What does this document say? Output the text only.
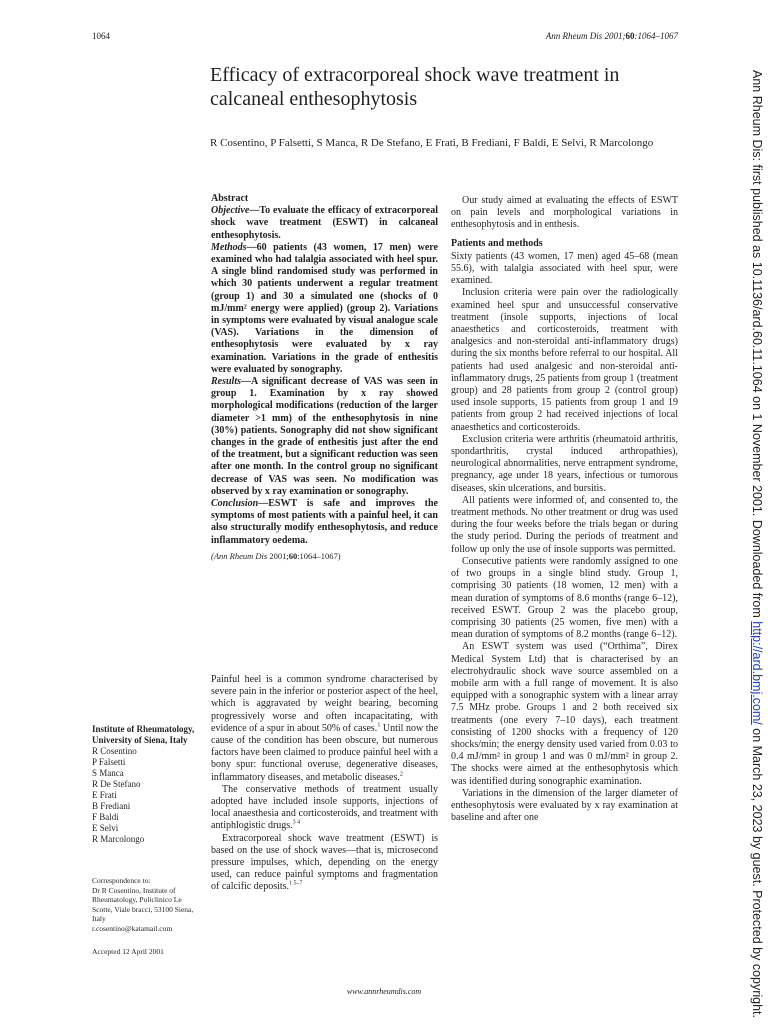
1064	Ann Rheum Dis 2001;60:1064–1067
Efficacy of extracorporeal shock wave treatment in calcaneal enthesophytosis
R Cosentino, P Falsetti, S Manca, R De Stefano, E Frati, B Frediani, F Baldi, E Selvi, R Marcolongo

Abstract

Objective—To evaluate the efficacy of extracorporeal shock wave treatment (ESWT) in calcaneal enthesophytosis.

Methods—60 patients (43 women, 17 men) were examined who had talalgia associated with heel spur. A single blind randomised study was performed in which 30 patients underwent a regular treatment (group 1) and 30 a simulated one (shocks of 0 mJ/mm² energy were applied) (group 2). Variations in symptoms were evaluated by visual analogue scale (VAS). Variations in the dimension of enthesophytosis were evaluated by x ray examination. Variations in the grade of enthesitis were evaluated by sonography.

Results—A significant decrease of VAS was seen in group 1. Examination by x ray showed morphological modifications (reduction of the larger diameter >1 mm) of the enthesophytosis in nine (30%) patients. Sonography did not show significant changes in the grade of enthesitis just after the end of the treatment, but a significant reduction was seen after one month. In the control group no significant decrease of VAS was seen. No modification was observed by x ray examination or sonography.

Conclusion—ESWT is safe and improves the symptoms of most patients with a painful heel, it can also structurally modify enthesophytosis, and reduce inflammatory oedema.

(Ann Rheum Dis 2001;60:1064–1067)

Painful heel is a common syndrome characterised by severe pain in the inferior or posterior aspect of the heel, which is aggravated by weight bearing, becoming progressively worse and often incapacitating, with evidence of a spur in about 50% of cases.$^1$ Until now the cause of the condition has been obscure, but numerous factors have been claimed to produce painful heel with a bony spur: functional overuse, degenerative diseases, inflammatory diseases, and metabolic diseases.$^2$

The conservative methods of treatment usually adopted have included insole supports, injections of local anaesthesia and corticosteroids, and treatment with antiphlogistic drugs.$^{3 4}$

Extracorporeal shock wave treatment (ESWT) is based on the use of shock waves—that is, microsecond pressure impulses, which, depending on the energy used, can reduce painful symptoms and fragmentation of calcific deposits.$^{1 5-7}$

Our study aimed at evaluating the effects of ESWT on pain levels and morphological variations in enthesophytosis and in enthesis.

Patients and methods

Sixty patients (43 women, 17 men) aged 45–68 (mean 55.6), with talalgia associated with heel spur, were examined.

Inclusion criteria were pain over the radiologically examined heel spur and unsuccessful conservative treatment (insole supports, injections of local anaesthetics and corticosteroids, treatment with analgesics and non-steroidal anti-inflammatory drugs) during the six months before referral to our hospital. All patients had used analgesic and non-steroidal anti-inflammatory drugs, 25 patients from group 1 (treatment group) and 28 patients from group 2 (control group) used insole supports, 15 patients from group 1 and 19 patients from group 2 had received injections of local anaesthetics and corticosteroids.

Exclusion criteria were arthritis (rheumatoid arthritis, spondarthritis, crystal induced arthropathies), neurological abnormalities, nerve entrapment syndrome, pregnancy, age under 18 years, infectious or tumorous diseases, skin ulcerations, and bursitis.

All patients were informed of, and consented to, the treatment methods. No other treatment or drug was used during the four weeks before the trials began or during the study period. During the periods of treatment and follow up only the use of insole supports was permitted.

Consecutive patients were randomly assigned to one of two groups in a single blind study. Group 1, comprising 30 patients (18 women, 12 men) with a mean duration of symptoms of 8.6 months (range 6–12), received ESWT. Group 2 was the placebo group, comprising 30 patients (25 women, five men) with a mean duration of symptoms of 8.2 months (range 6–12).

An ESWT system was used (“Orthima”, Direx Medical System Ltd) that is characterised by an electrohydraulic shock wave source assembled on a mobile arm with a full range of movement. It is also equipped with a sonographic system with a linear array 7.5 MHz probe. Groups 1 and 2 both received six treatments (one every 7–10 days), each treatment consisting of 1200 shocks with a frequency of 120 shocks/min; the energy density used varied from 0.03 to 0.4 mJ/mm² in group 1 and was 0 mJ/mm² in group 2. The shocks were aimed at the enthesophytosis which was identified during sonographic examination.

Variations in the dimension of the larger diameter of enthesophytosis were evaluated by x ray examination at baseline and after one

Institute of Rheumatology, University of Siena, Italy
R Cosentino
P Falsetti
S Manca
R De Stefano
E Frati
B Frediani
F Baldi
E Selvi
R Marcolongo
Correspondence to:
Dr R Cosentino, Institute of Rheumatology, Policlinico Le Scotte, Viale bracci, 53100 Siena, Italy
r.cosentino@katamail.com
Accepted 12 April 2001
www.annrheumdis.com
Ann Rheum Dis: first published as 10.1136/ard.60.11.1064 on 1 November 2001. Downloaded from http://ard.bmj.com/ on March 23, 2023 by guest. Protected by copyright.
